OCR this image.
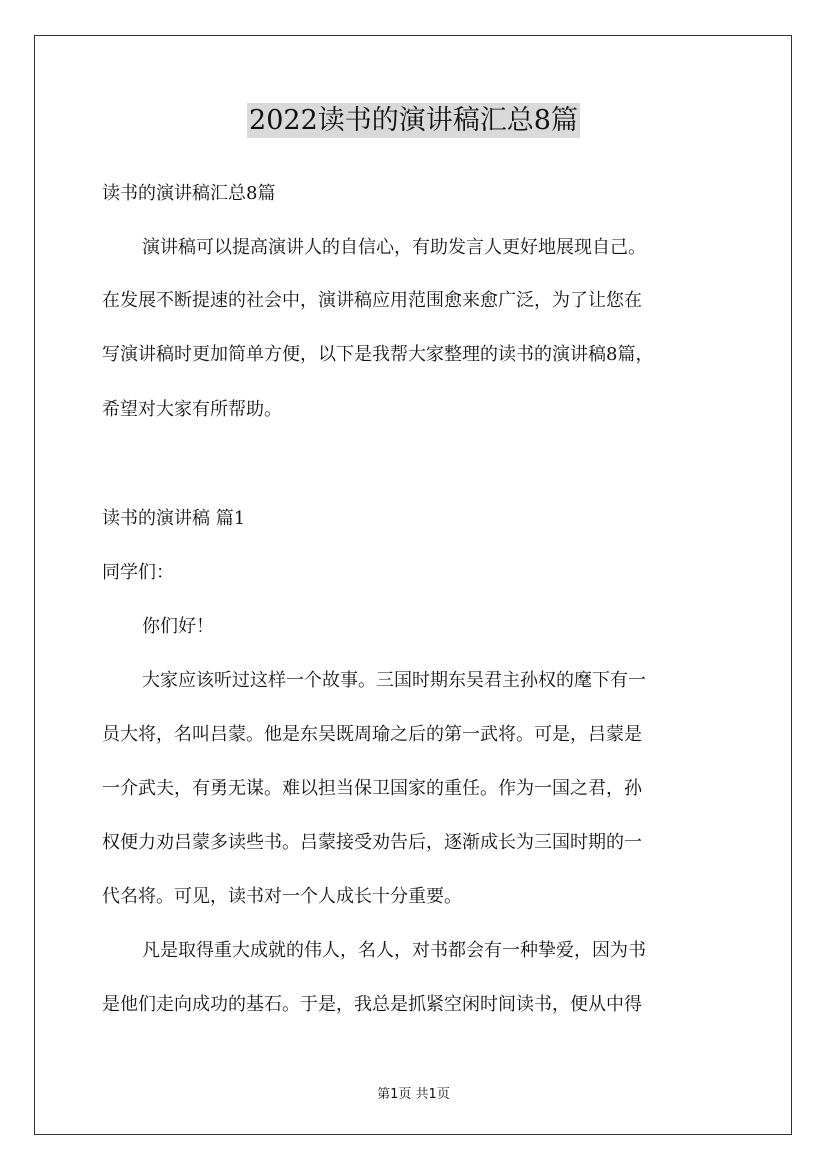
2022读书的演讲稿汇总8篇
读书的演讲稿汇总8篇
演讲稿可以提高演讲人的自信心，有助发言人更好地展现自己。
在发展不断提速的社会中，演讲稿应用范围愈来愈广泛，为了让您在
写演讲稿时更加简单方便，以下是我帮大家整理的读书的演讲稿8篇，
希望对大家有所帮助。
读书的演讲稿 篇1
同学们：
你们好！
大家应该听过这样一个故事。三国时期东吴君主孙权的麾下有一
员大将，名叫吕蒙。他是东吴既周瑜之后的第一武将。可是，吕蒙是
一介武夫，有勇无谋。难以担当保卫国家的重任。作为一国之君，孙
权便力劝吕蒙多读些书。吕蒙接受劝告后，逐渐成长为三国时期的一
代名将。可见，读书对一个人成长十分重要。
凡是取得重大成就的伟人，名人，对书都会有一种挚爱，因为书
是他们走向成功的基石。于是，我总是抓紧空闲时间读书，便从中得
第1页 共1页
